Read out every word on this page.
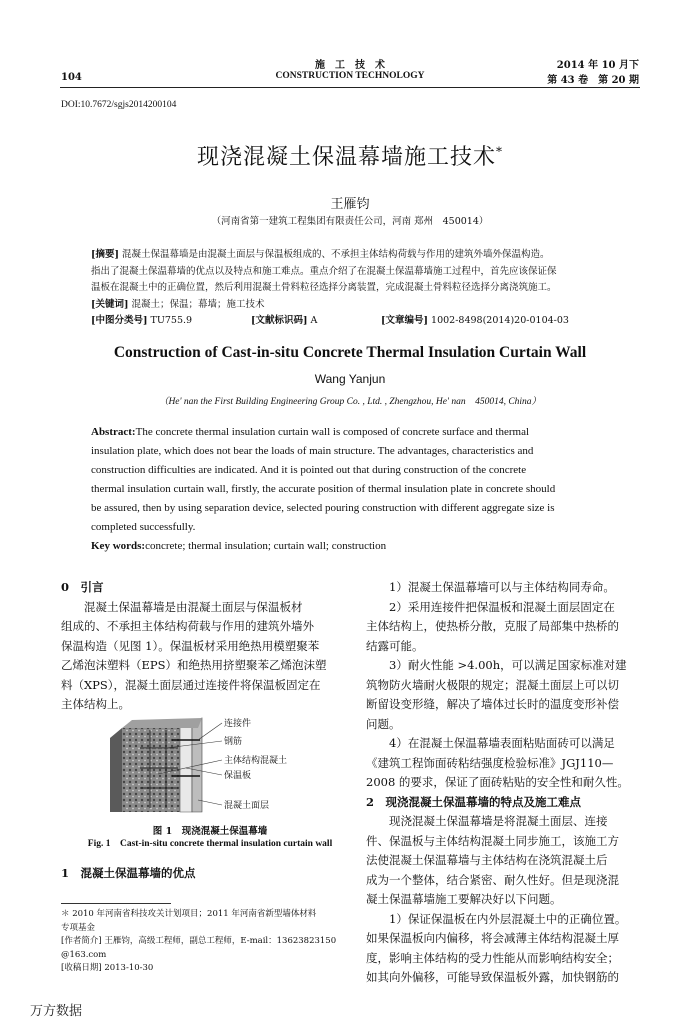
104
施　工　技　术
CONSTRUCTION TECHNOLOGY
2014 年 10 月下
第 43 卷　第 20 期
DOI:10.7672/sgjs2014200104
现浇混凝土保温幕墙施工技术*
王雁钧
（河南省第一建筑工程集团有限责任公司，河南 郑州　450014）
[摘要] 混凝土保温幕墙是由混凝土面层与保温板组成的、不承担主体结构荷载与作用的建筑外墙外保温构造。
指出了混凝土保温幕墙的优点以及特点和施工难点。重点介绍了在混凝土保温幕墙施工过程中，首先应该保证保
温板在混凝土中的正确位置，然后利用混凝土骨料粒径选择分离装置，完成混凝土骨料粒径选择分离浇筑施工。
[关键词] 混凝土；保温；幕墙；施工技术
[中图分类号] TU755.9	[文献标识码] A	[文章编号] 1002-8498(2014)20-0104-03
Construction of Cast-in-situ Concrete Thermal Insulation Curtain Wall
Wang Yanjun
（He' nan the First Building Engineering Group Co. , Ltd. , Zhengzhou, He' nan　450014, China）
Abstract:The concrete thermal insulation curtain wall is composed of concrete surface and thermal
insulation plate, which does not bear the loads of main structure. The advantages, characteristics and
construction difficulties are indicated. And it is pointed out that during construction of the concrete
thermal insulation curtain wall, firstly, the accurate position of thermal insulation plate in concrete should
be assured, then by using separation device, selected pouring construction with different aggregate size is
completed successfully.
Key words:concrete; thermal insulation; curtain wall; construction
0　引言
混凝土保温幕墙是由混凝土面层与保温板材
组成的、不承担主体结构荷载与作用的建筑外墙外
保温构造（见图 1）。保温板材采用绝热用模塑聚苯
乙烯泡沫塑料（EPS）和绝热用挤塑聚苯乙烯泡沫塑
料（XPS），混凝土面层通过连接件将保温板固定在
主体结构上。
连接件
钢筋
主体结构混凝土
保温板
混凝土面层
图 1　现浇混凝土保温幕墙
Fig. 1  Cast-in-situ concrete thermal insulation curtain wall
1　混凝土保温幕墙的优点
＊ 2010 年河南省科技攻关计划项目；2011 年河南省新型墙体材料
专项基金
[作者简介] 王雁钧，高级工程师，副总工程师，E-mail：13623823150
@163.com
[收稿日期] 2013-10-30
1）混凝土保温幕墙可以与主体结构同寿命。
2）采用连接件把保温板和混凝土面层固定在
主体结构上，使热桥分散，克服了局部集中热桥的
结露可能。
3）耐火性能 >4.00h，可以满足国家标准对建
筑物防火墙耐火极限的规定；混凝土面层上可以切
断留设变形缝，解决了墙体过长时的温度变形补偿
问题。
4）在混凝土保温幕墙表面粘贴面砖可以满足
《建筑工程饰面砖粘结强度检验标准》JGJ110—
2008 的要求，保证了面砖粘贴的安全性和耐久性。
2　现浇混凝土保温幕墙的特点及施工难点
现浇混凝土保温幕墙是将混凝土面层、连接
件、保温板与主体结构混凝土同步施工，该施工方
法使混凝土保温幕墙与主体结构在浇筑混凝土后
成为一个整体，结合紧密、耐久性好。但是现浇混
凝土保温幕墙施工要解决好以下问题。
1）保证保温板在内外层混凝土中的正确位置。
如果保温板向内偏移，将会减薄主体结构混凝土厚
度，影响主体结构的受力性能从而影响结构安全；
如其向外偏移，可能导致保温板外露，加快钢筋的
万方数据
